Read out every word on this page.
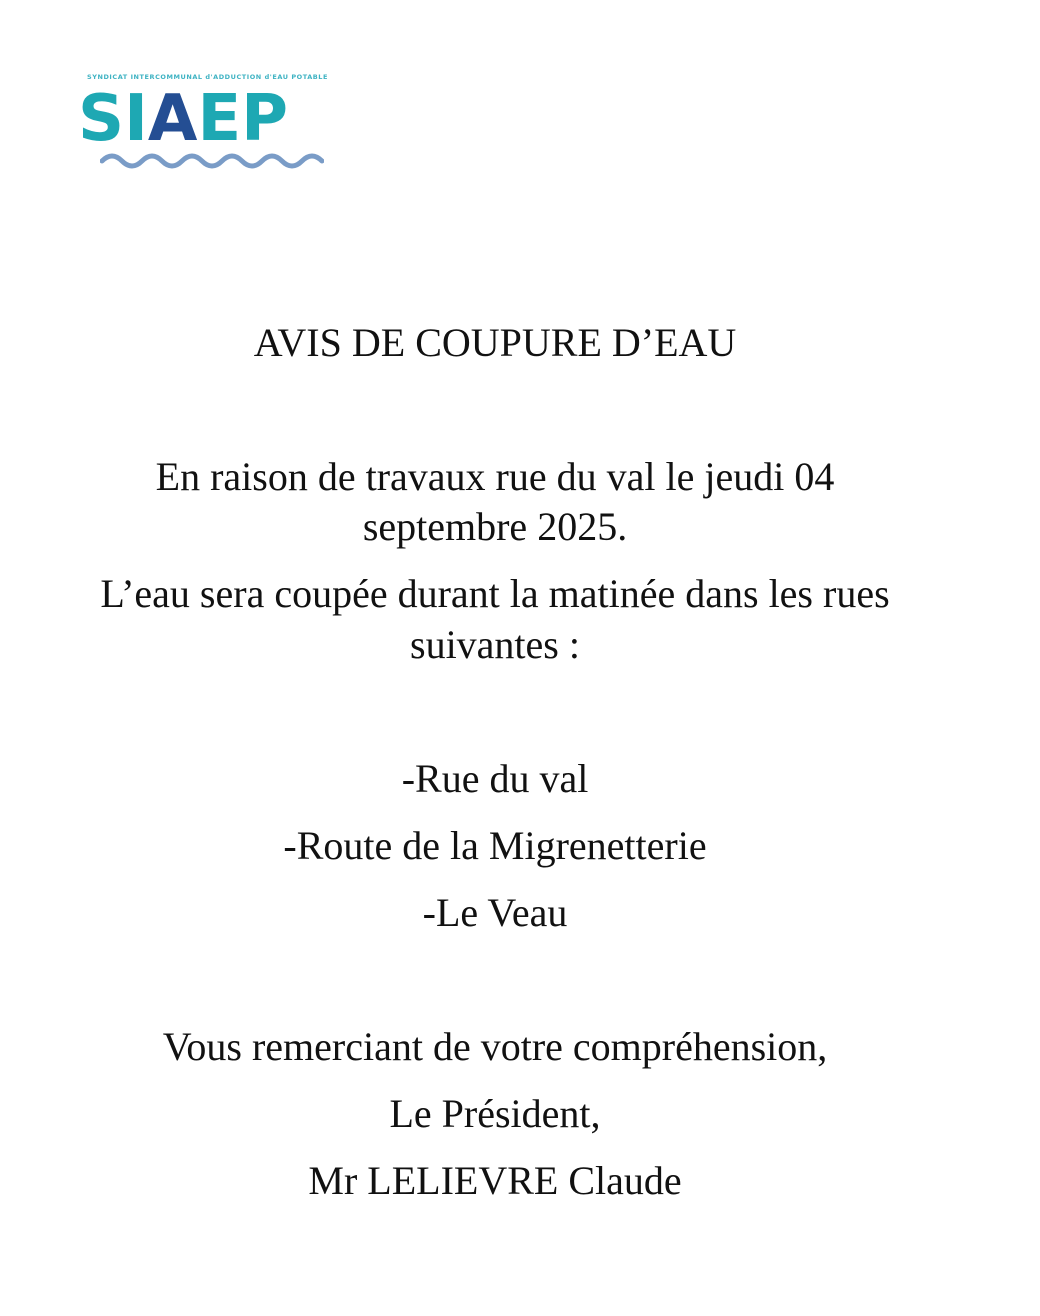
SYNDICAT INTERCOMMUNAL d'ADDUCTION d'EAU POTABLE
SIAEP
AVIS DE COUPURE D’EAU
En raison de travaux rue du val le jeudi 04
septembre 2025.
L’eau sera coupée durant la matinée dans les rues
suivantes :
-Rue du val
-Route de la Migrenetterie
-Le Veau
Vous remerciant de votre compréhension,
Le Président,
Mr LELIEVRE Claude
